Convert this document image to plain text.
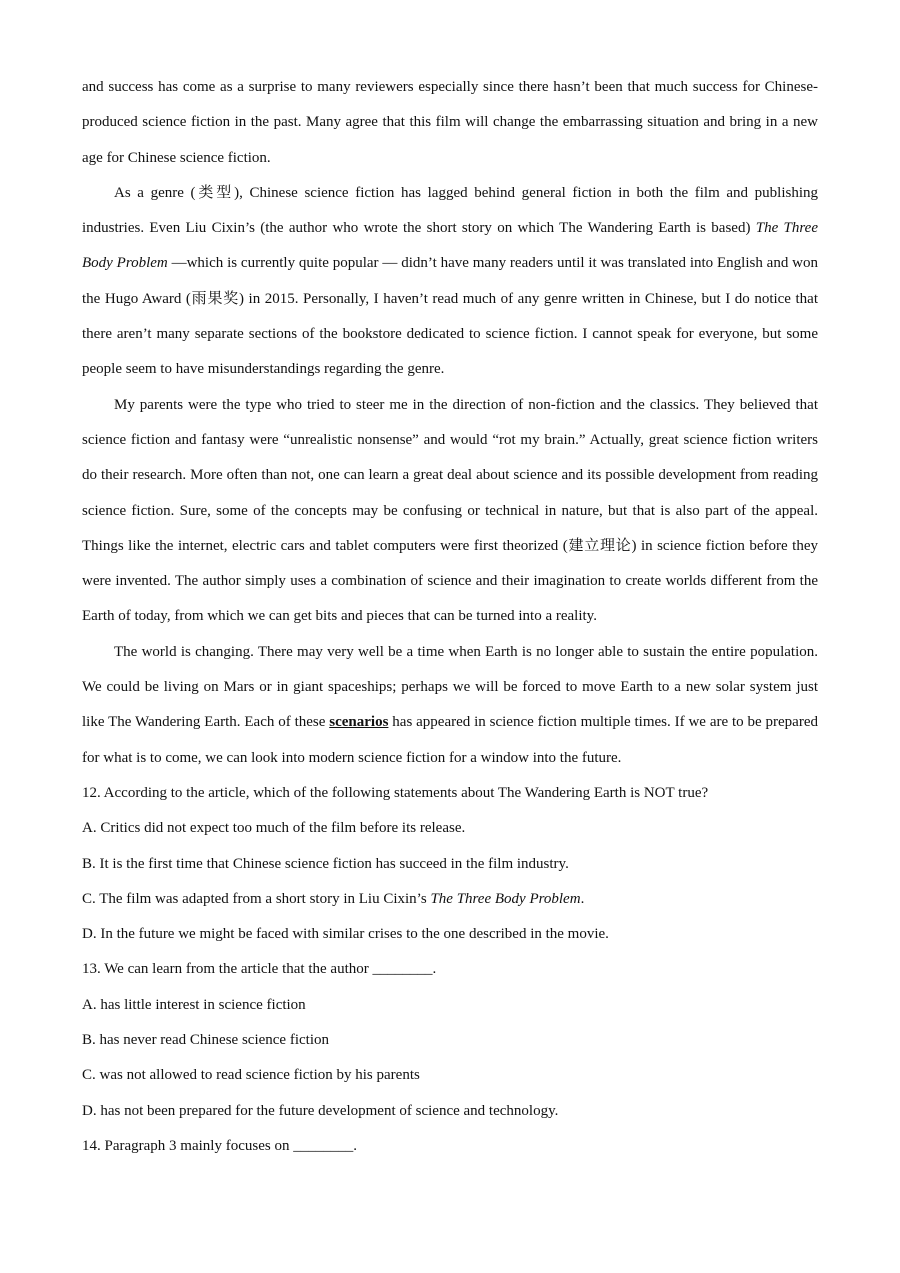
and success has come as a surprise to many reviewers especially since there hasn’t been that much success for Chinese-produced science fiction in the past. Many agree that this film will change the embarrassing situation and bring in a new age for Chinese science fiction.

As a genre (类型), Chinese science fiction has lagged behind general fiction in both the film and publishing industries. Even Liu Cixin’s (the author who wrote the short story on which The Wandering Earth is based) The Three Body Problem —which is currently quite popular — didn’t have many readers until it was translated into English and won the Hugo Award (雨果奖) in 2015. Personally, I haven’t read much of any genre written in Chinese, but I do notice that there aren’t many separate sections of the bookstore dedicated to science fiction. I cannot speak for everyone, but some people seem to have misunderstandings regarding the genre.

My parents were the type who tried to steer me in the direction of non-fiction and the classics. They believed that science fiction and fantasy were “unrealistic nonsense” and would “rot my brain.” Actually, great science fiction writers do their research. More often than not, one can learn a great deal about science and its possible development from reading science fiction. Sure, some of the concepts may be confusing or technical in nature, but that is also part of the appeal. Things like the internet, electric cars and tablet computers were first theorized (建立理论) in science fiction before they were invented. The author simply uses a combination of science and their imagination to create worlds different from the Earth of today, from which we can get bits and pieces that can be turned into a reality.

The world is changing. There may very well be a time when Earth is no longer able to sustain the entire population. We could be living on Mars or in giant spaceships; perhaps we will be forced to move Earth to a new solar system just like The Wandering Earth. Each of these scenarios has appeared in science fiction multiple times. If we are to be prepared for what is to come, we can look into modern science fiction for a window into the future.

12. According to the article, which of the following statements about The Wandering Earth is NOT true?

A. Critics did not expect too much of the film before its release.

B. It is the first time that Chinese science fiction has succeed in the film industry.

C. The film was adapted from a short story in Liu Cixin’s The Three Body Problem.

D. In the future we might be faced with similar crises to the one described in the movie.

13. We can learn from the article that the author ________.

A. has little interest in science fiction

B. has never read Chinese science fiction

C. was not allowed to read science fiction by his parents

D. has not been prepared for the future development of science and technology.

14. Paragraph 3 mainly focuses on ________.
